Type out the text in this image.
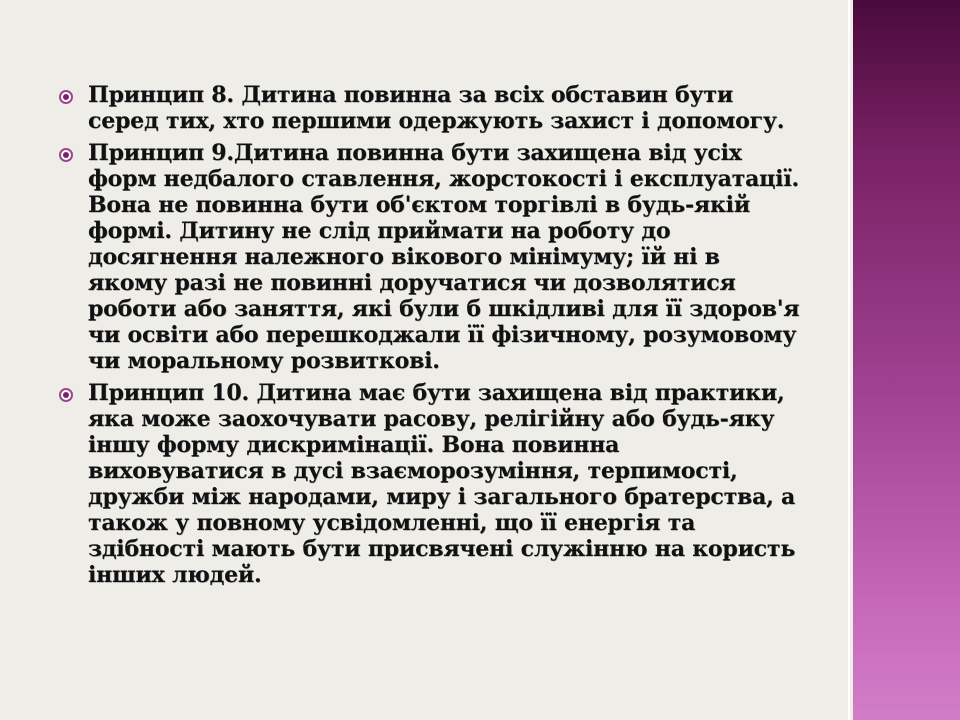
Принцип 8. Дитина повинна за всіх обставин бути серед тих, хто першими одержують захист і допомогу.
Принцип 9.Дитина повинна бути захищена від усіх форм недбалого ставлення, жорстокості і експлуатації. Вона не повинна бути об'єктом торгівлі в будь-якій формі. Дитину не слід приймати на роботу до досягнення належного вікового мінімуму; їй ні в якому разі не повинні доручатися чи дозволятися роботи або заняття, які були б шкідливі для її здоров'я чи освіти або перешкоджали її фізичному, розумовому чи моральному розвиткові.
Принцип 10. Дитина має бути захищена від практики, яка може заохочувати расову, релігійну або будь-яку іншу форму дискримінації. Вона повинна виховуватися в дусі взаєморозуміння, терпимості, дружби між народами, миру і загального братерства, а також у повному усвідомленні, що її енергія та здібності мають бути присвячені служінню на користь інших людей.
